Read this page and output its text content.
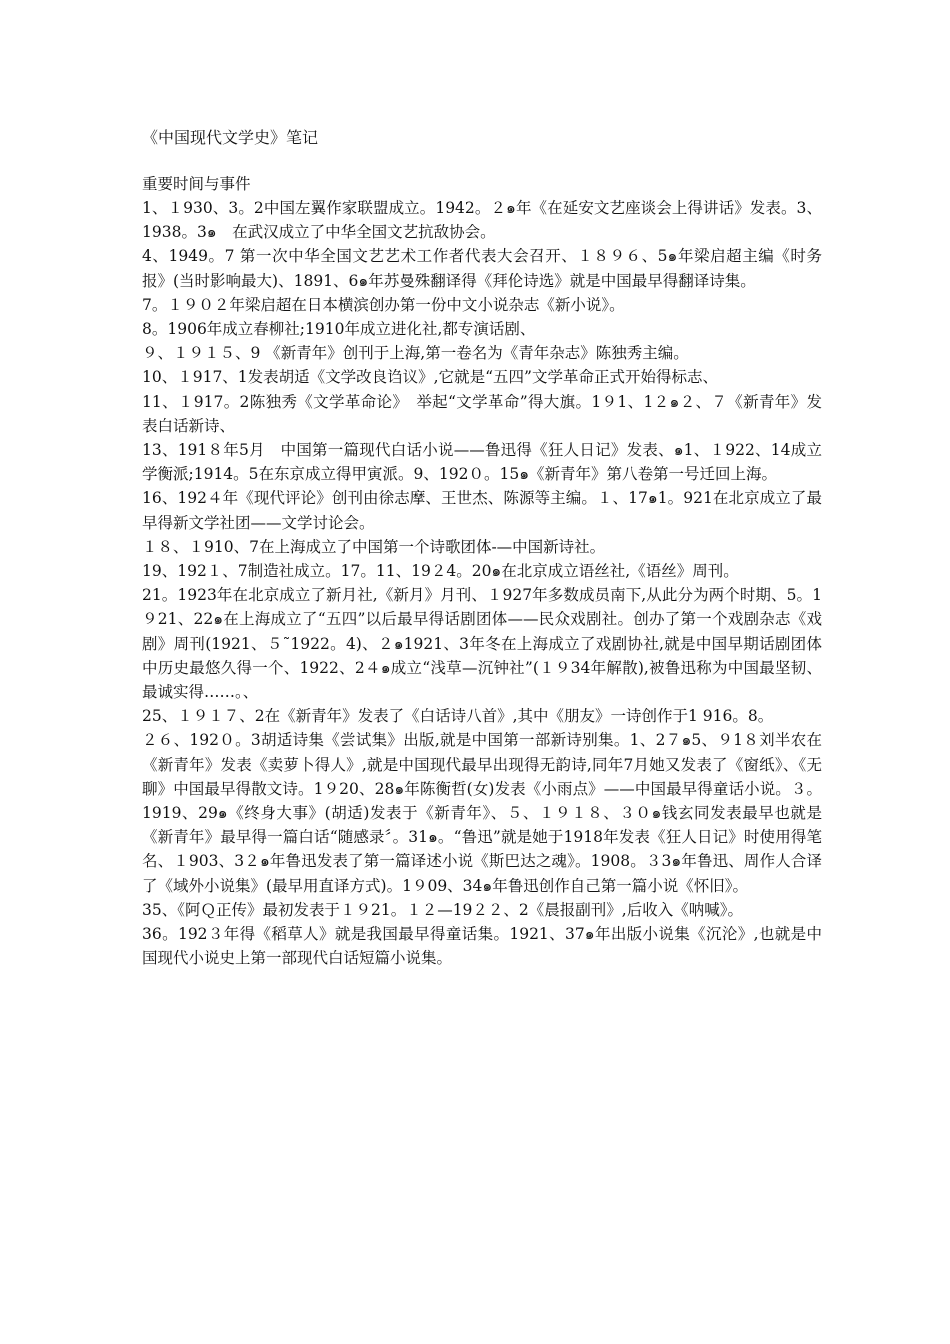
《中国现代文学史》笔记
重要时间与事件

1、１930、3。2中国左翼作家联盟成立。1942。２๑年《在延安文艺座谈会上得讲话》发表。3、1938。3๑　在武汉成立了中华全国文艺抗敌协会。

4、1949。7 第一次中华全国文艺艺术工作者代表大会召开、１８９６、5๑年梁启超主编《时务报》(当时影响最大)、1891、6๑年苏曼殊翻译得《拜伦诗选》就是中国最早得翻译诗集。

7。１９０２年梁启超在日本横滨创办第一份中文小说杂志《新小说》。

8。1906年成立春柳社;1910年成立进化社,都专演话剧、

９、１９１５、9 《新青年》创刊于上海,第一卷名为《青年杂志》陈独秀主编。

10、１917、1发表胡适《文学改良诌议》,它就是“五四”文学革命正式开始得标志、

11、１917。2陈独秀《文学革命论》　举起“文学革命”得大旗。1９1、1２๑２、７《新青年》发表白话新诗、

13、191８年5月　中国第一篇现代白话小说——鲁迅得《狂人日记》发表、๑1、１922、14成立学衡派;1914。5在东京成立得甲寅派。9、192０。15๑《新青年》第八卷第一号迁回上海。

16、192４年《现代评论》创刊由徐志摩、王世杰、陈源等主编。１、17๑1。921在北京成立了最早得新文学社团——文学讨论会。

１８、１910、7在上海成立了中国第一个诗歌团体-—中国新诗社。

19、192１、7制造社成立。17。11、19２4。20๑在北京成立语丝社,《语丝》周刊。

21。1923年在北京成立了新月社,《新月》月刊、１927年多数成员南下,从此分为两个时期、5。1９21、22๑在上海成立了“五四”以后最早得话剧团体——民众戏剧社。创办了第一个戏剧杂志《戏剧》周刊(1921、５˜1922。4)、２๑1921、3年冬在上海成立了戏剧协社,就是中国早期话剧团体中历史最悠久得一个、1922、2４๑成立“浅草—沉钟社”(１９34年解散),被鲁迅称为中国最坚韧、最诚实得……。、

25、１９１７、2在《新青年》发表了《白话诗八首》,其中《朋友》一诗创作于1 916。8。

２６、192０。3胡适诗集《尝试集》出版,就是中国第一部新诗别集。1、2７๑5、９1８刘半农在《新青年》发表《卖萝卜得人》,就是中国现代最早出现得无韵诗,同年7月她又发表了《窗纸》、《无聊》中国最早得散文诗。1９20、28๑年陈衡哲(女)发表《小雨点》——中国最早得童话小说。３。1919、29๑《终身大事》(胡适)发表于《新青年》、５、１９１８、３０๑钱玄同发表最早也就是《新青年》最早得一篇白话“随感录〞。31๑。“鲁迅”就是她于1918年发表《狂人日记》时使用得笔名、１903、3２๑年鲁迅发表了第一篇译述小说《斯巴达之魂》。1908。３3๑年鲁迅、周作人合译了《域外小说集》(最早用直译方式)。1９09、34๑年鲁迅创作自己第一篇小说《怀旧》。

35、《阿Ｑ正传》最初发表于１９21。１２—19２２、2《晨报副刊》,后收入《呐喊》。

36。192３年得《稻草人》就是我国最早得童话集。1921、37๑年出版小说集《沉沦》,也就是中国现代小说史上第一部现代白话短篇小说集。
